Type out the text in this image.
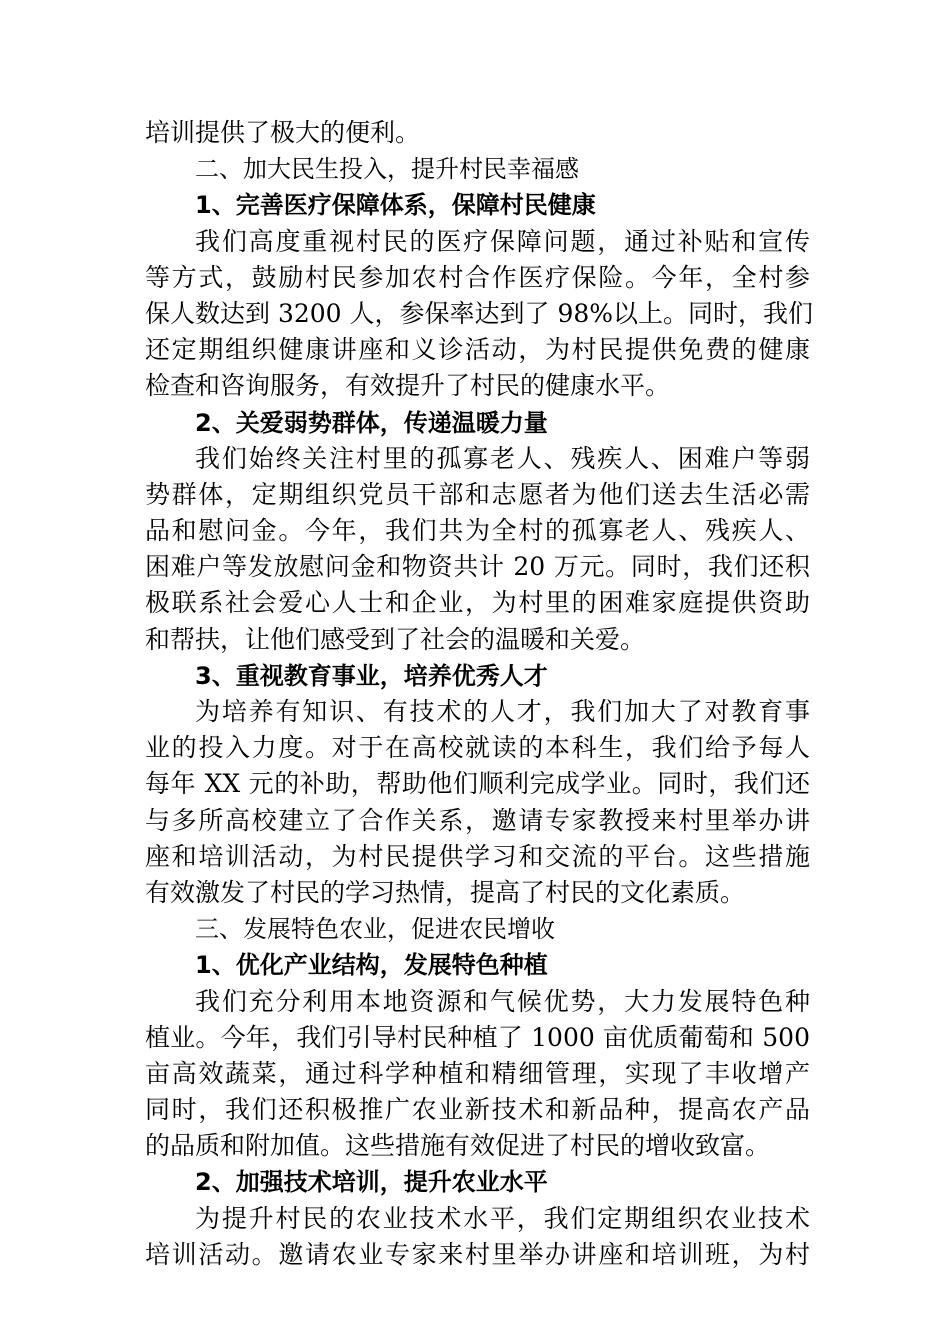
培训提供了极大的便利。
二、加大民生投入，提升村民幸福感
1、完善医疗保障体系，保障村民健康
我们高度重视村民的医疗保障问题，通过补贴和宣传
等方式，鼓励村民参加农村合作医疗保险。今年，全村参
保人数达到 3200 人，参保率达到了 98%以上。同时，我们
还定期组织健康讲座和义诊活动，为村民提供免费的健康
检查和咨询服务，有效提升了村民的健康水平。
2、关爱弱势群体，传递温暖力量
我们始终关注村里的孤寡老人、残疾人、困难户等弱
势群体，定期组织党员干部和志愿者为他们送去生活必需
品和慰问金。今年，我们共为全村的孤寡老人、残疾人、
困难户等发放慰问金和物资共计 20 万元。同时，我们还积
极联系社会爱心人士和企业，为村里的困难家庭提供资助
和帮扶，让他们感受到了社会的温暖和关爱。
3、重视教育事业，培养优秀人才
为培养有知识、有技术的人才，我们加大了对教育事
业的投入力度。对于在高校就读的本科生，我们给予每人
每年 XX 元的补助，帮助他们顺利完成学业。同时，我们还
与多所高校建立了合作关系，邀请专家教授来村里举办讲
座和培训活动，为村民提供学习和交流的平台。这些措施
有效激发了村民的学习热情，提高了村民的文化素质。
三、发展特色农业，促进农民增收
1、优化产业结构，发展特色种植
我们充分利用本地资源和气候优势，大力发展特色种
植业。今年，我们引导村民种植了 1000 亩优质葡萄和 500
亩高效蔬菜，通过科学种植和精细管理，实现了丰收增产
同时，我们还积极推广农业新技术和新品种，提高农产品
的品质和附加值。这些措施有效促进了村民的增收致富。
2、加强技术培训，提升农业水平
为提升村民的农业技术水平，我们定期组织农业技术
培训活动。邀请农业专家来村里举办讲座和培训班，为村
